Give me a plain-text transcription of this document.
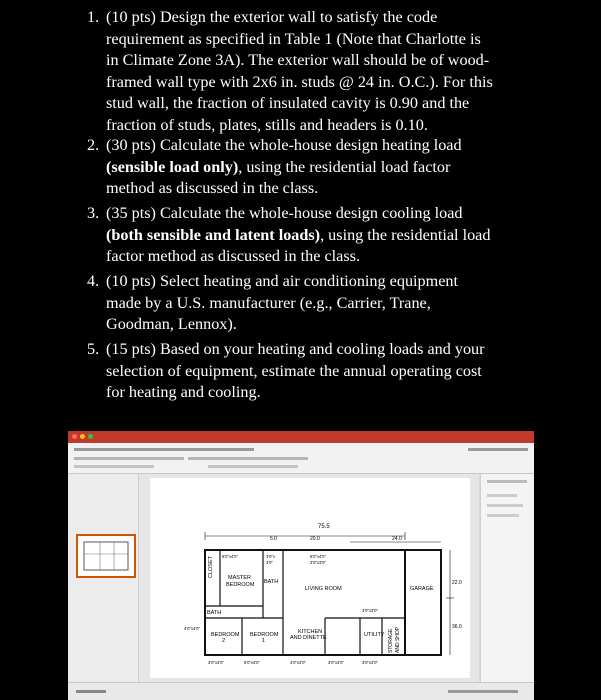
1. (10 pts) Design the exterior wall to satisfy the code
requirement as specified in Table 1 (Note that Charlotte is
in Climate Zone 3A). The exterior wall should be of wood-
framed wall type with 2x6 in. studs @ 24 in. O.C.). For this
stud wall, the fraction of insulated cavity is 0.90 and the
fraction of studs, plates, stills and headers is 0.10.
2. (30 pts) Calculate the whole-house design heating load
(sensible load only), using the residential load factor
method as discussed in the class.
3. (35 pts) Calculate the whole-house design cooling load
(both sensible and latent loads), using the residential load
factor method as discussed in the class.
4. (10 pts) Select heating and air conditioning equipment
made by a U.S. manufacturer (e.g., Carrier, Trane,
Goodman, Lennox).
5. (15 pts) Based on your heating and cooling loads and your
selection of equipment, estimate the annual operating cost
for heating and cooling.
75.5
5.0	20.0	24.0
22.0
36.0
CLOSET	MASTER
BEDROOM BATH
LIVING ROOM	GARAGE
BATH
BEDROOM
2
BEDROOM
1
KITCHEN
AND DINETTE	UTILITY STORAGE AND SHOP
6'0"x4'0"	3'0"x
3'0"
6'0"x4'0"
3'0"x3'0"
4'0"x4'0"
3'0"x4'0"	6'0"x4'0"	4'0"x4'0"
3'0"x3'0"
3'0"x4'0"
3'0"x4'0"
